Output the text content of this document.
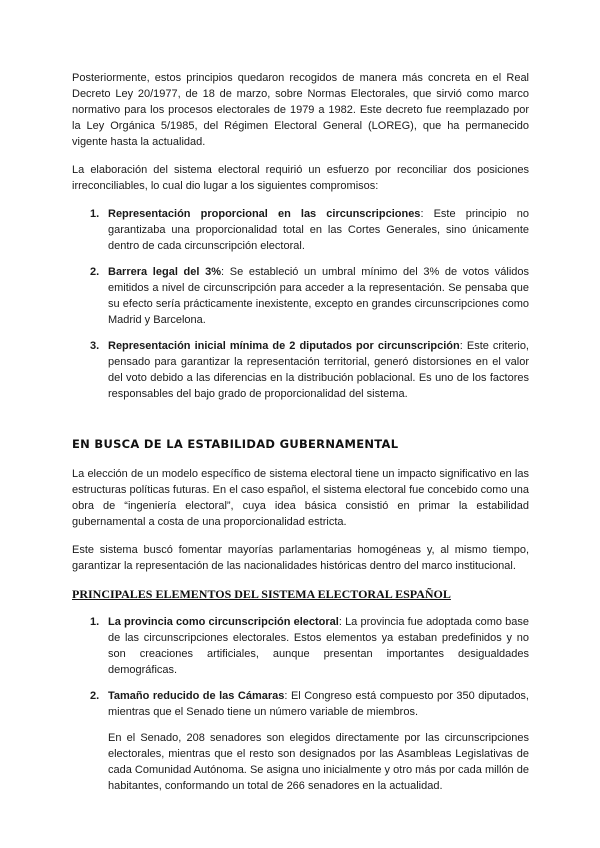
Posteriormente, estos principios quedaron recogidos de manera más concreta en el Real Decreto Ley 20/1977, de 18 de marzo, sobre Normas Electorales, que sirvió como marco normativo para los procesos electorales de 1979 a 1982. Este decreto fue reemplazado por la Ley Orgánica 5/1985, del Régimen Electoral General (LOREG), que ha permanecido vigente hasta la actualidad.

La elaboración del sistema electoral requirió un esfuerzo por reconciliar dos posiciones irreconciliables, lo cual dio lugar a los siguientes compromisos:

1. Representación proporcional en las circunscripciones: Este principio no garantizaba una proporcionalidad total en las Cortes Generales, sino únicamente dentro de cada circunscripción electoral.
2. Barrera legal del 3%: Se estableció un umbral mínimo del 3% de votos válidos emitidos a nivel de circunscripción para acceder a la representación. Se pensaba que su efecto sería prácticamente inexistente, excepto en grandes circunscripciones como Madrid y Barcelona.
3. Representación inicial mínima de 2 diputados por circunscripción: Este criterio, pensado para garantizar la representación territorial, generó distorsiones en el valor del voto debido a las diferencias en la distribución poblacional. Es uno de los factores responsables del bajo grado de proporcionalidad del sistema.
EN BUSCA DE LA ESTABILIDAD GUBERNAMENTAL

La elección de un modelo específico de sistema electoral tiene un impacto significativo en las estructuras políticas futuras. En el caso español, el sistema electoral fue concebido como una obra de “ingeniería electoral”, cuya idea básica consistió en primar la estabilidad gubernamental a costa de una proporcionalidad estricta.

Este sistema buscó fomentar mayorías parlamentarias homogéneas y, al mismo tiempo, garantizar la representación de las nacionalidades históricas dentro del marco institucional.

PRINCIPALES ELEMENTOS DEL SISTEMA ELECTORAL ESPAÑOL
1. La provincia como circunscripción electoral: La provincia fue adoptada como base de las circunscripciones electorales. Estos elementos ya estaban predefinidos y no son creaciones artificiales, aunque presentan importantes desigualdades demográficas.
2. Tamaño reducido de las Cámaras: El Congreso está compuesto por 350 diputados, mientras que el Senado tiene un número variable de miembros.

En el Senado, 208 senadores son elegidos directamente por las circunscripciones electorales, mientras que el resto son designados por las Asambleas Legislativas de cada Comunidad Autónoma. Se asigna uno inicialmente y otro más por cada millón de habitantes, conformando un total de 266 senadores en la actualidad.
